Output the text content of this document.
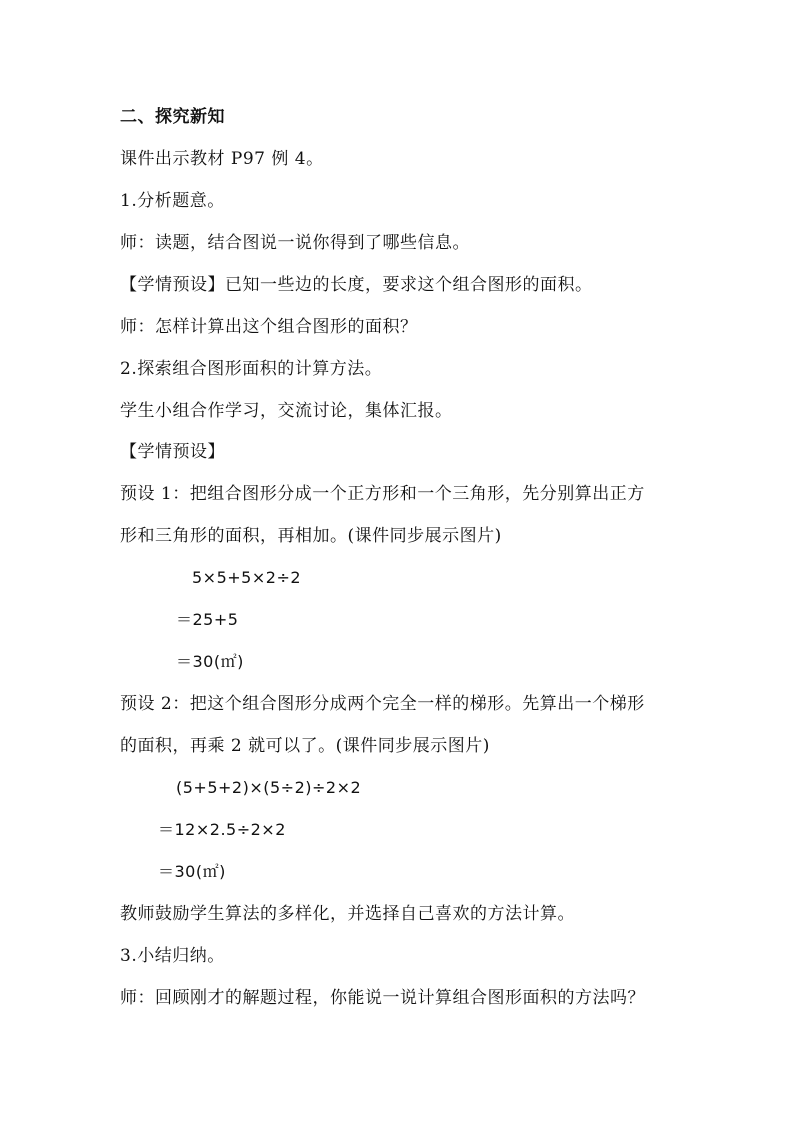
二、探究新知
课件出示教材 P97 例 4。
1.分析题意。
师：读题，结合图说一说你得到了哪些信息。
【学情预设】已知一些边的长度，要求这个组合图形的面积。
师：怎样计算出这个组合图形的面积？
2.探索组合图形面积的计算方法。
学生小组合作学习，交流讨论，集体汇报。
【学情预设】
预设 1：把组合图形分成一个正方形和一个三角形，先分别算出正方
形和三角形的面积，再相加。(课件同步展示图片)
5×5+5×2÷2
＝25+5
＝30(㎡)
预设 2：把这个组合图形分成两个完全一样的梯形。先算出一个梯形
的面积，再乘 2 就可以了。(课件同步展示图片)
(5+5+2)×(5÷2)÷2×2
＝12×2.5÷2×2
＝30(㎡)
教师鼓励学生算法的多样化，并选择自己喜欢的方法计算。
3.小结归纳。
师：回顾刚才的解题过程，你能说一说计算组合图形面积的方法吗？
